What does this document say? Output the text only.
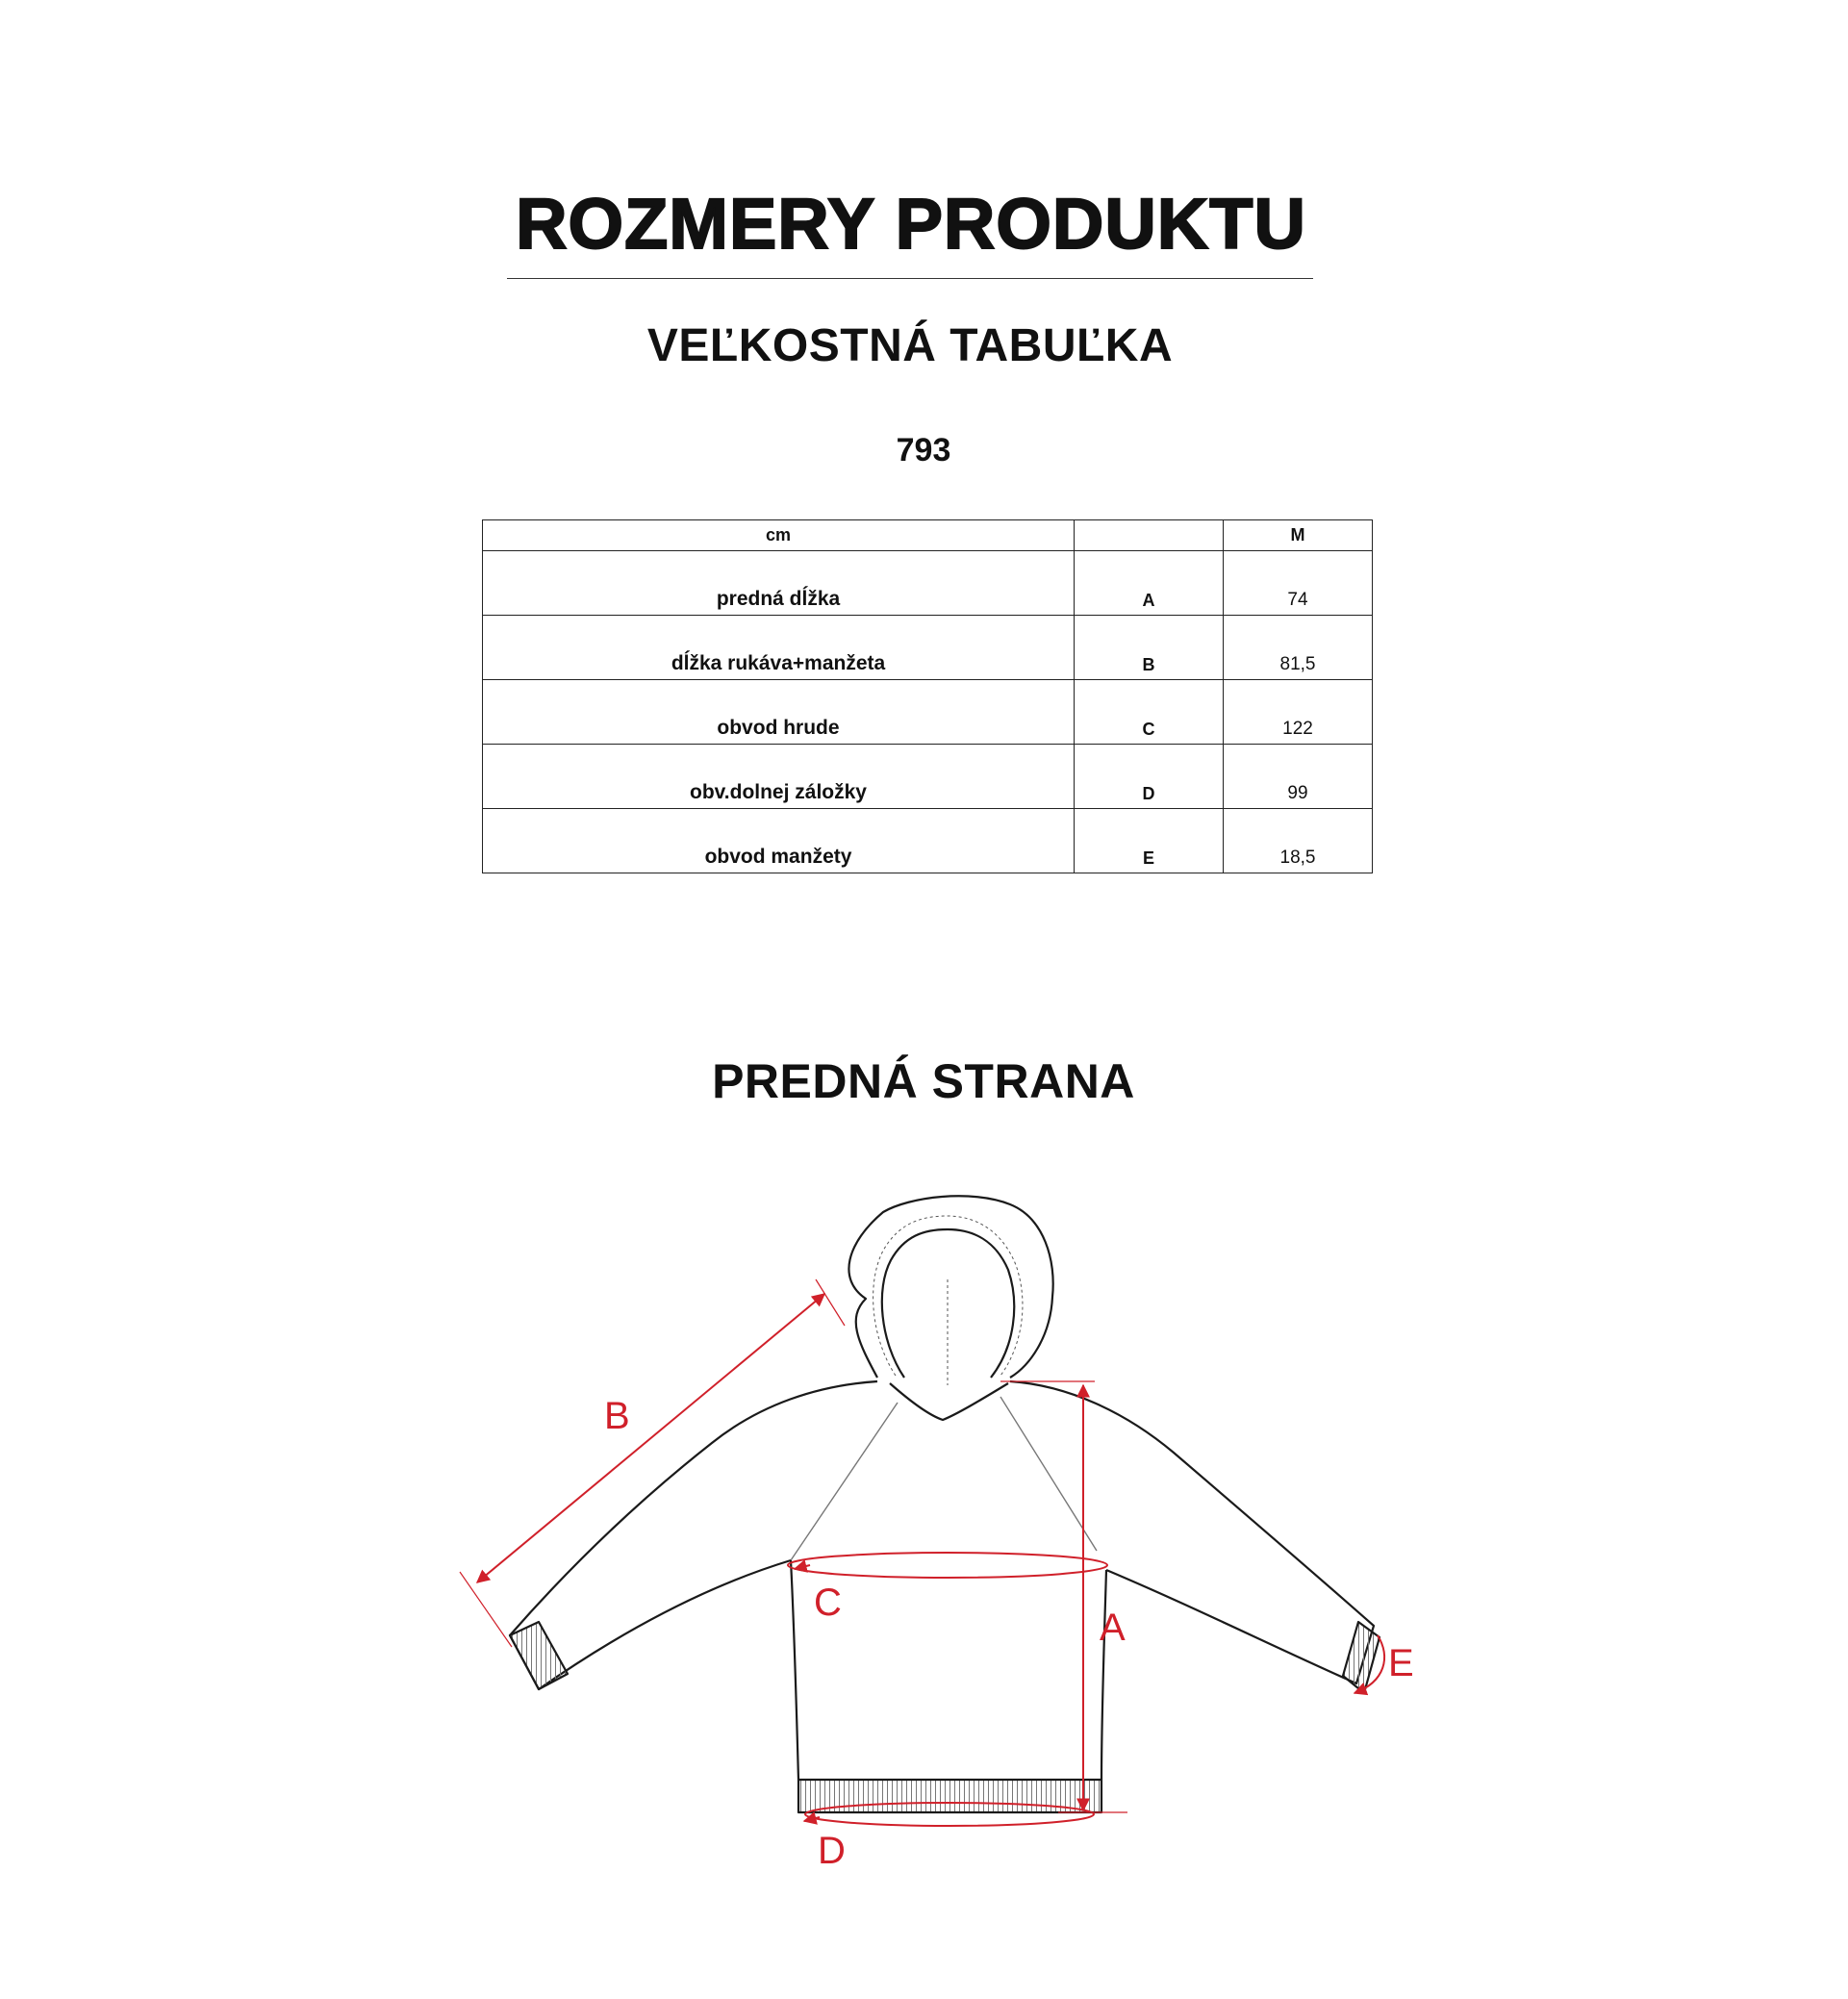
ROZMERY PRODUKTU
VEĽKOSTNÁ TABUĽKA
793
cm		M
predná dĺžka	A	74
dĺžka rukáva+manžeta	B	81,5
obvod hrude	C	122
obv.dolnej záložky	D	99
obvod manžety	E	18,5
PREDNÁ STRANA
B
C
A
E
D
